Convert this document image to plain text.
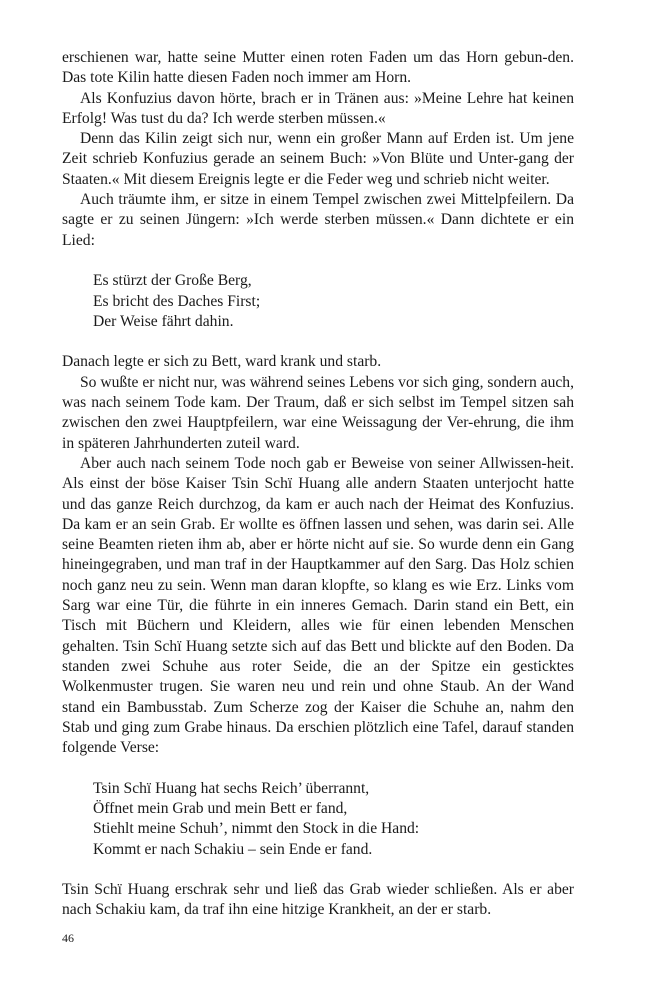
erschienen war, hatte seine Mutter einen roten Faden um das Horn gebun-den. Das tote Kilin hatte diesen Faden noch immer am Horn.

Als Konfuzius davon hörte, brach er in Tränen aus: »Meine Lehre hat keinen Erfolg! Was tust du da? Ich werde sterben müssen.«

Denn das Kilin zeigt sich nur, wenn ein großer Mann auf Erden ist. Um jene Zeit schrieb Konfuzius gerade an seinem Buch: »Von Blüte und Unter-gang der Staaten.« Mit diesem Ereignis legte er die Feder weg und schrieb nicht weiter.

Auch träumte ihm, er sitze in einem Tempel zwischen zwei Mittelpfeilern. Da sagte er zu seinen Jüngern: »Ich werde sterben müssen.« Dann dichtete er ein Lied:

Es stürzt der Große Berg,
Es bricht des Daches First;
Der Weise fährt dahin.

Danach legte er sich zu Bett, ward krank und starb.

So wußte er nicht nur, was während seines Lebens vor sich ging, sondern auch, was nach seinem Tode kam. Der Traum, daß er sich selbst im Tempel sitzen sah zwischen den zwei Hauptpfeilern, war eine Weissagung der Ver-ehrung, die ihm in späteren Jahrhunderten zuteil ward.

Aber auch nach seinem Tode noch gab er Beweise von seiner Allwissen-heit. Als einst der böse Kaiser Tsin Schï Huang alle andern Staaten unterjocht hatte und das ganze Reich durchzog, da kam er auch nach der Heimat des Konfuzius. Da kam er an sein Grab. Er wollte es öffnen lassen und sehen, was darin sei. Alle seine Beamten rieten ihm ab, aber er hörte nicht auf sie. So wurde denn ein Gang hineingegraben, und man traf in der Hauptkammer auf den Sarg. Das Holz schien noch ganz neu zu sein. Wenn man daran klopfte, so klang es wie Erz. Links vom Sarg war eine Tür, die führte in ein inneres Gemach. Darin stand ein Bett, ein Tisch mit Büchern und Kleidern, alles wie für einen lebenden Menschen gehalten. Tsin Schï Huang setzte sich auf das Bett und blickte auf den Boden. Da standen zwei Schuhe aus roter Seide, die an der Spitze ein gesticktes Wolkenmuster trugen. Sie waren neu und rein und ohne Staub. An der Wand stand ein Bambusstab. Zum Scherze zog der Kaiser die Schuhe an, nahm den Stab und ging zum Grabe hinaus. Da erschien plötzlich eine Tafel, darauf standen folgende Verse:

Tsin Schï Huang hat sechs Reich’ überrannt,
Öffnet mein Grab und mein Bett er fand,
Stiehlt meine Schuh’, nimmt den Stock in die Hand:
Kommt er nach Schakiu – sein Ende er fand.

Tsin Schï Huang erschrak sehr und ließ das Grab wieder schließen. Als er aber nach Schakiu kam, da traf ihn eine hitzige Krankheit, an der er starb.

46
